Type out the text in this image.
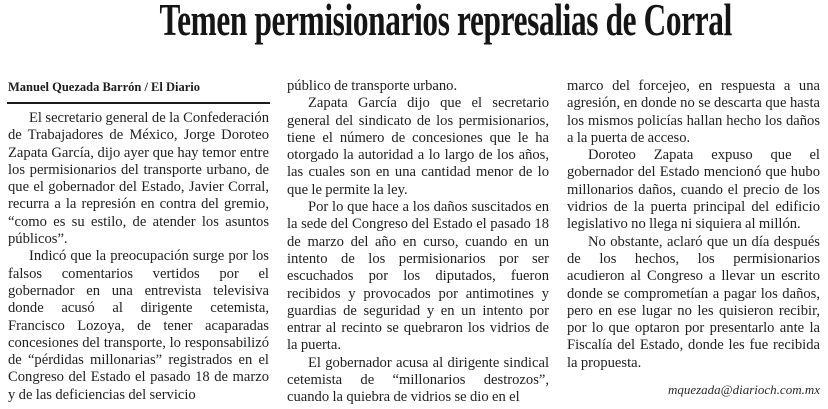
Temen permisionarios represalias de Corral
Manuel Quezada Barrón / El Diario

El secretario general de la Confederación de Trabajadores de México, Jorge Doroteo Zapata García, dijo ayer que hay temor entre los permisionarios del transporte urbano, de que el gobernador del Estado, Javier Corral, recurra a la represión en contra del gremio, “como es su estilo, de atender los asuntos públicos”.

Indicó que la preocupación surge por los falsos comentarios vertidos por el gobernador en una entrevista televisiva donde acusó al dirigente cetemista, Francisco Lozoya, de tener acaparadas concesiones del transporte, lo responsabilizó de “pérdidas millonarias” registrados en el Congreso del Estado el pasado 18 de marzo y de las deficiencias del servicio

público de transporte urbano.

Zapata García dijo que el secretario general del sindicato de los permisionarios, tiene el número de concesiones que le ha otorgado la autoridad a lo largo de los años, las cuales son en una cantidad menor de lo que le permite la ley.

Por lo que hace a los daños suscitados en la sede del Congreso del Estado el pasado 18 de marzo del año en curso, cuando en un intento de los permisionarios por ser escuchados por los diputados, fueron recibidos y provocados por antimotines y guardias de seguridad y en un intento por entrar al recinto se quebraron los vidrios de la puerta.

El gobernador acusa al dirigente sindical cetemista de “millonarios destrozos”, cuando la quiebra de vidrios se dio en el

marco del forcejeo, en respuesta a una agresión, en donde no se descarta que hasta los mismos policías hallan hecho los daños a la puerta de acceso.

Doroteo Zapata expuso que el gobernador del Estado mencionó que hubo millonarios daños, cuando el precio de los vidrios de la puerta principal del edificio legislativo no llega ni siquiera al millón.

No obstante, aclaró que un día después de los hechos, los permisionarios acudieron al Congreso a llevar un escrito donde se comprometían a pagar los daños, pero en ese lugar no les quisieron recibir, por lo que optaron por presentarlo ante la Fiscalía del Estado, donde les fue recibida la propuesta.

mquezada@diarioch.com.mx
